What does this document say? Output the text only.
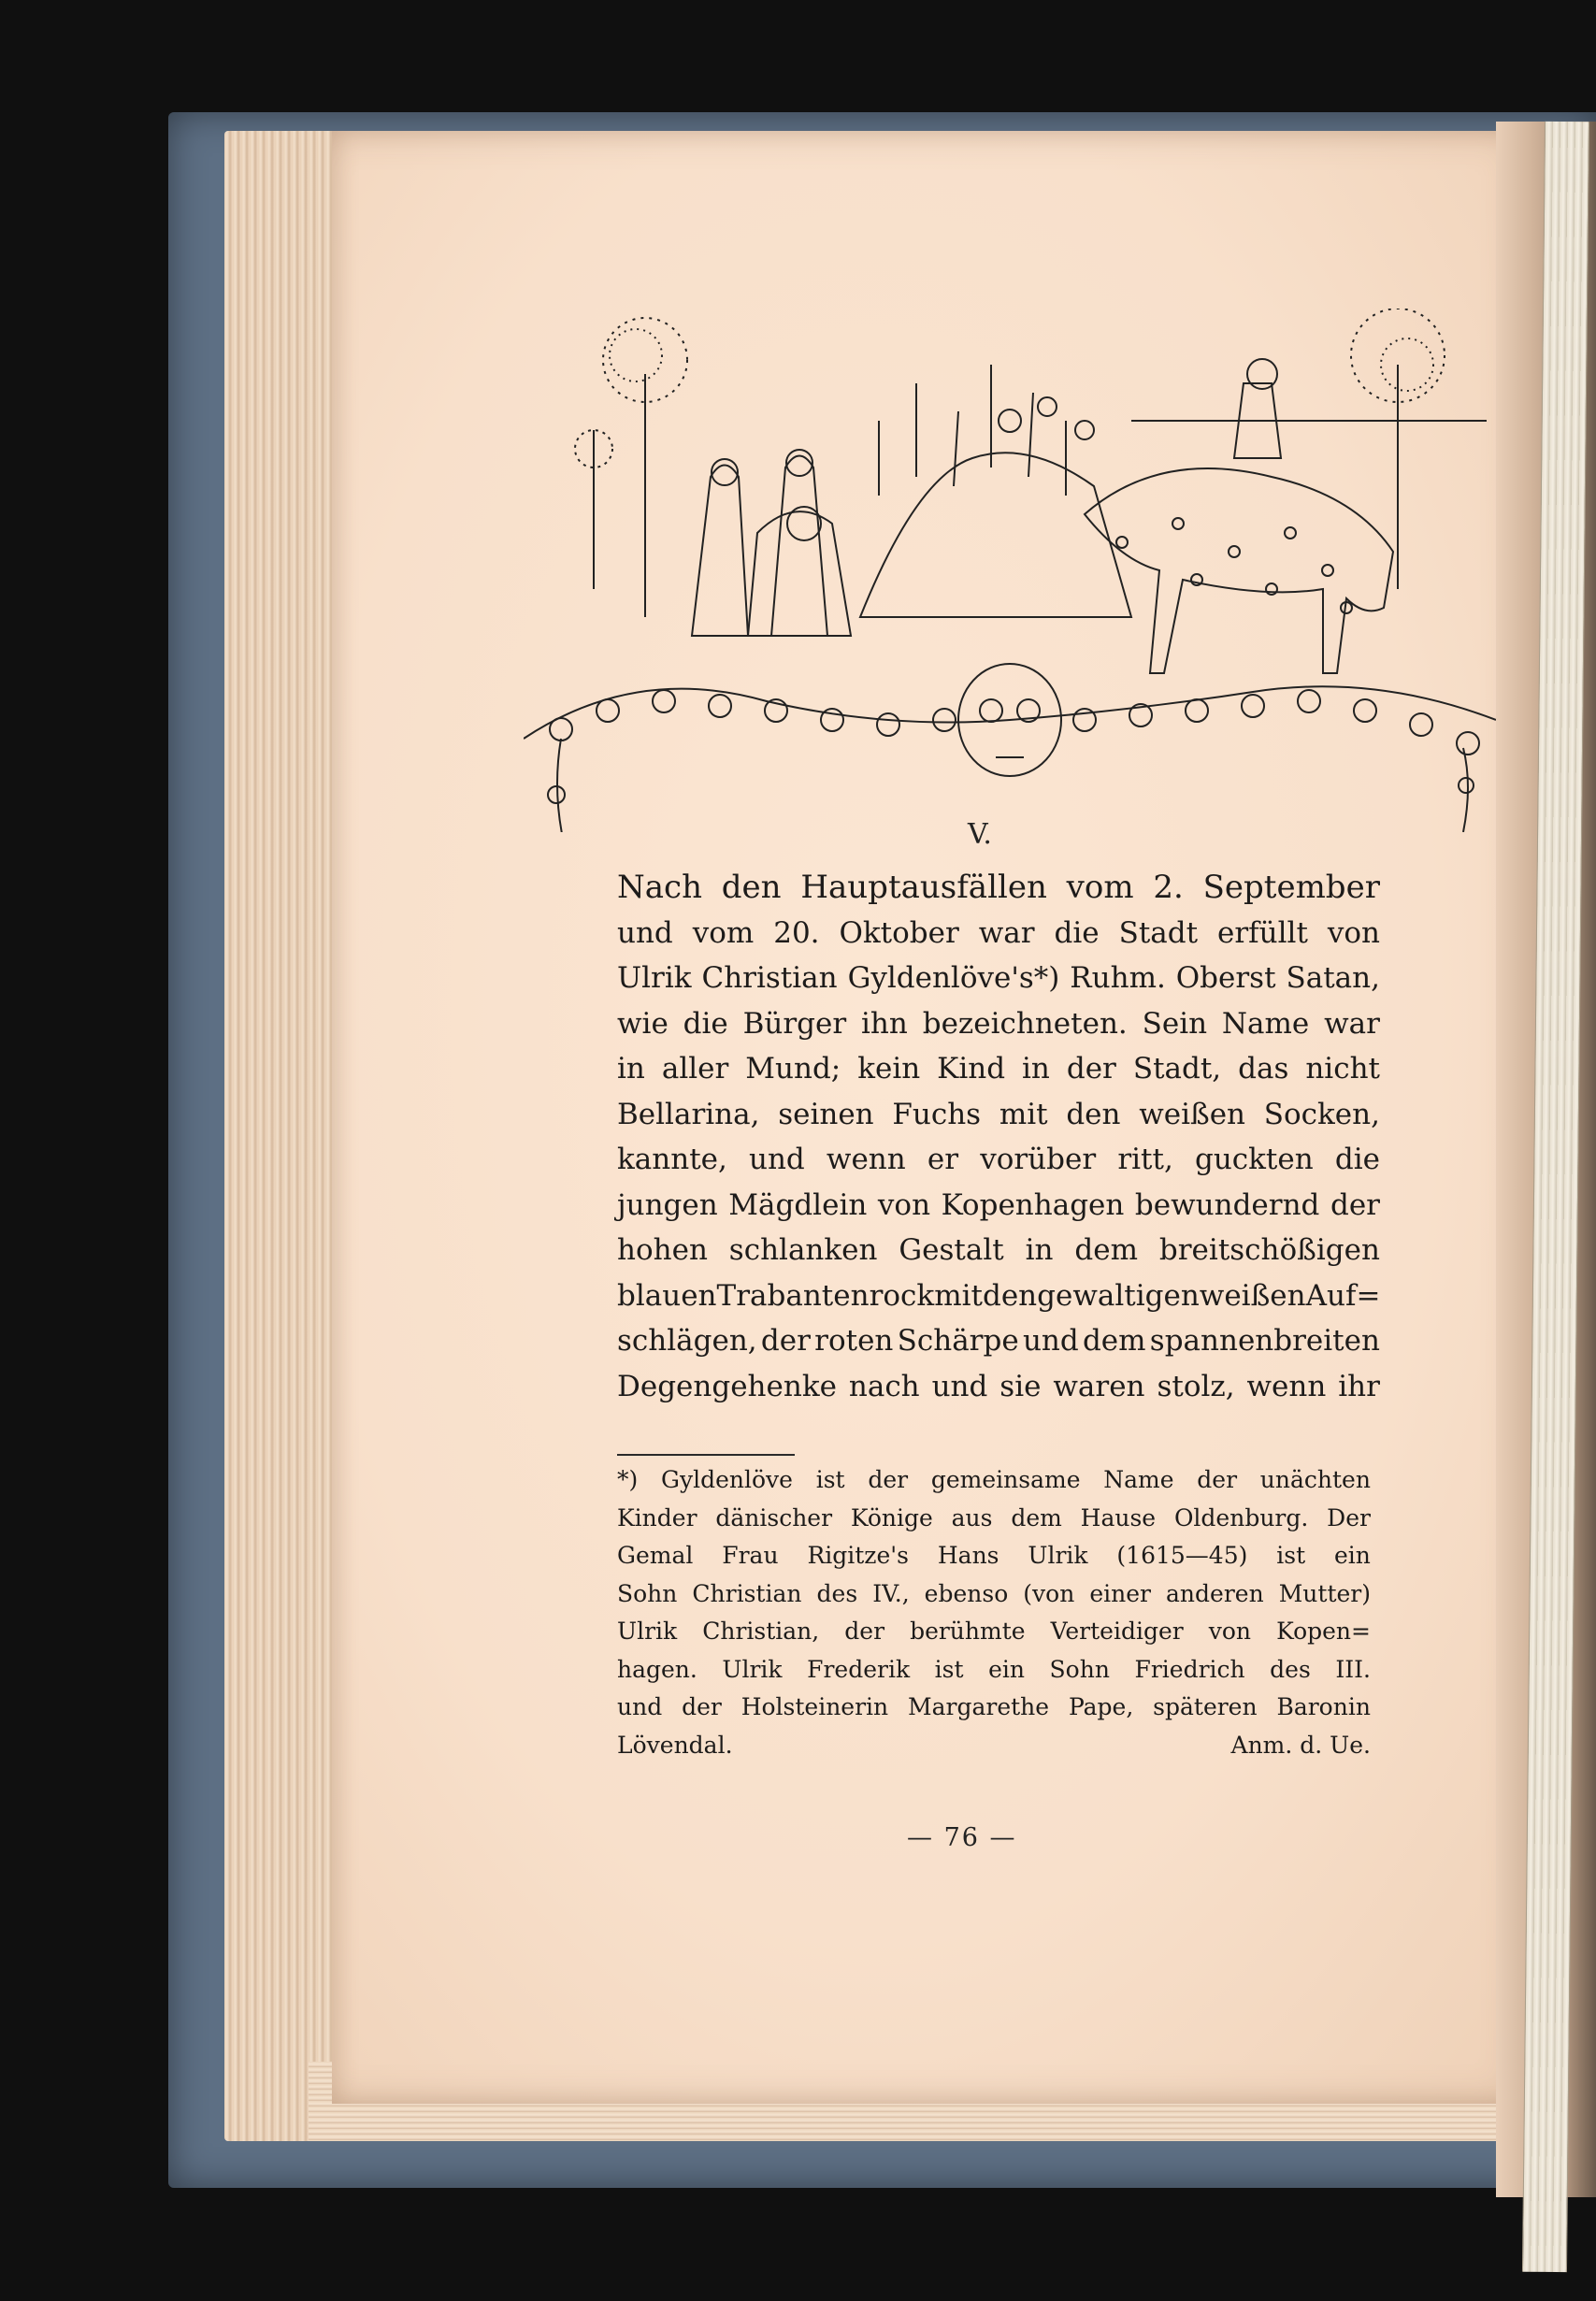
V.
Nach den Hauptausfällen vom 2. September
und vom 20. Oktober war die Stadt erfüllt von
Ulrik Christian Gyldenlöve's*) Ruhm. Oberst Satan,
wie die Bürger ihn bezeichneten. Sein Name war
in aller Mund; kein Kind in der Stadt, das nicht
Bellarina, seinen Fuchs mit den weißen Socken,
kannte, und wenn er vorüber ritt, guckten die
jungen Mägdlein von Kopenhagen bewundernd der
hohen schlanken Gestalt in dem breitschößigen
blauen Trabantenrock mit den gewaltigen weißen Auf=
schlägen, der roten Schärpe und dem spannenbreiten
Degengehenke nach und sie waren stolz, wenn ihr
*) Gyldenlöve ist der gemeinsame Name der unächten
Kinder dänischer Könige aus dem Hause Oldenburg. Der
Gemal Frau Rigitze's Hans Ulrik (1615—45) ist ein
Sohn Christian des IV., ebenso (von einer anderen Mutter)
Ulrik Christian, der berühmte Verteidiger von Kopen=
hagen. Ulrik Frederik ist ein Sohn Friedrich des III.
und der Holsteinerin Margarethe Pape, späteren Baronin
Lövendal.	Anm. d. Ue.
— 76 —
